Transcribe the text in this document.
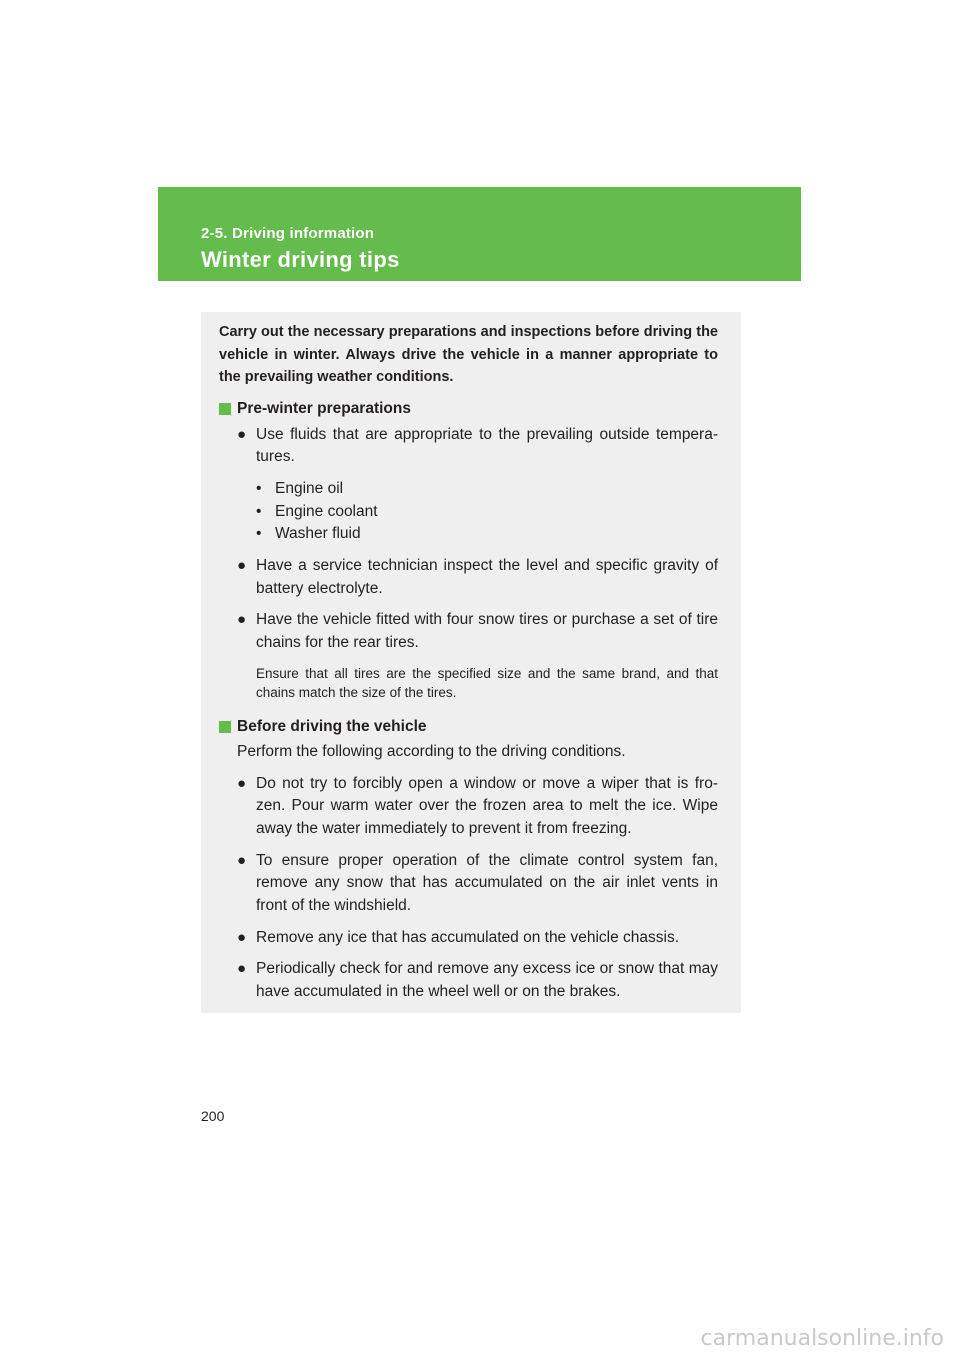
2-5. Driving information
Winter driving tips

Carry out the necessary preparations and inspections before driving the vehicle in winter. Always drive the vehicle in a manner appropriate to the prevailing weather conditions.

Pre-winter preparations
● Use fluids that are appropriate to the prevailing outside tempera-tures.
• Engine oil
• Engine coolant
• Washer fluid
● Have a service technician inspect the level and specific gravity of battery electrolyte.
● Have the vehicle fitted with four snow tires or purchase a set of tire chains for the rear tires.
Ensure that all tires are the specified size and the same brand, and that chains match the size of the tires.
Before driving the vehicle
Perform the following according to the driving conditions.
● Do not try to forcibly open a window or move a wiper that is fro-zen. Pour warm water over the frozen area to melt the ice. Wipe away the water immediately to prevent it from freezing.
● To ensure proper operation of the climate control system fan, remove any snow that has accumulated on the air inlet vents in front of the windshield.
● Remove any ice that has accumulated on the vehicle chassis.
● Periodically check for and remove any excess ice or snow that may have accumulated in the wheel well or on the brakes.
200
carmanualsonline.info
